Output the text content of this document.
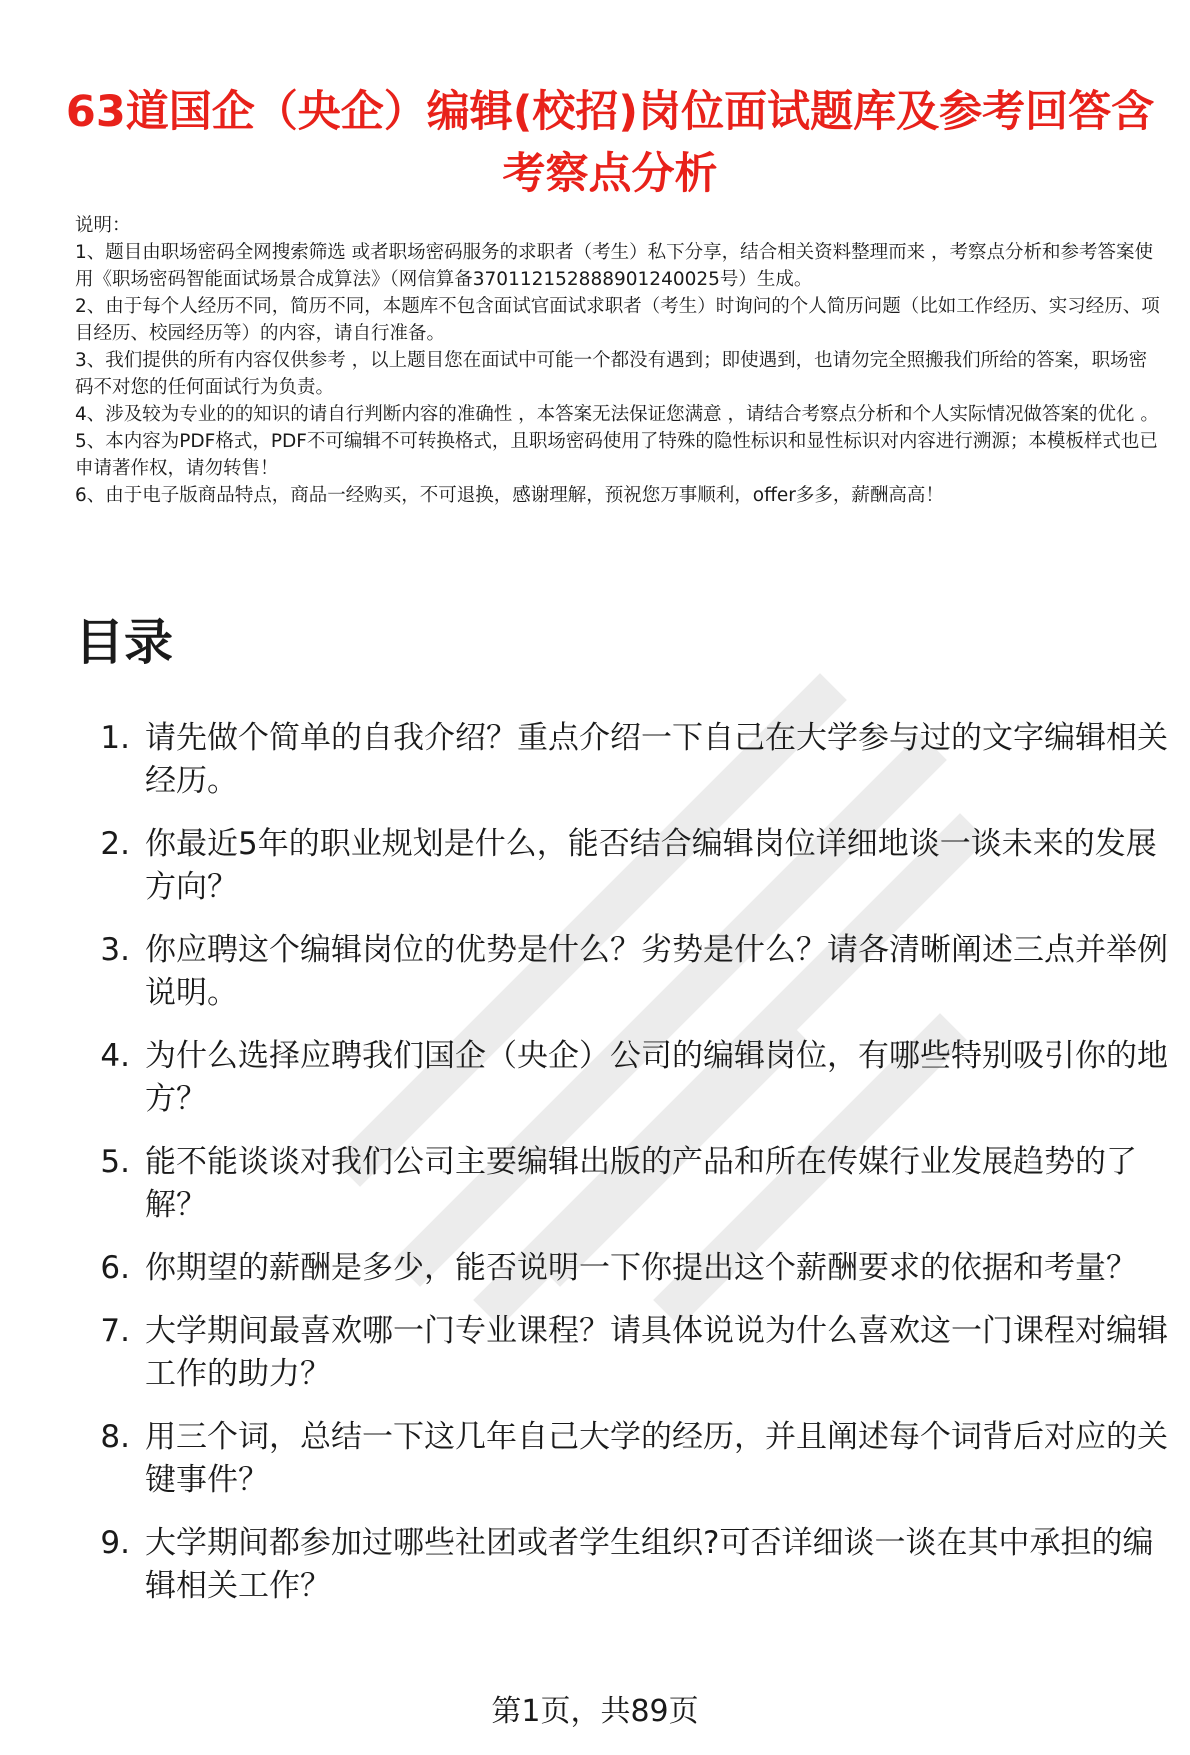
63道国企（央企）编辑(校招)岗位面试题库及参考回答含考察点分析

说明：

1、题目由职场密码全网搜索筛选 或者职场密码服务的求职者（考生）私下分享，结合相关资料整理而来 ，考察点分析和参考答案使用《职场密码智能面试场景合成算法》（网信算备370112152888901240025号）生成。

2、由于每个人经历不同，简历不同，本题库不包含面试官面试求职者（考生）时询问的个人简历问题（比如工作经历、实习经历、项目经历、校园经历等）的内容，请自行准备。

3、我们提供的所有内容仅供参考 ，以上题目您在面试中可能一个都没有遇到；即使遇到，也请勿完全照搬我们所给的答案，职场密码不对您的任何面试行为负责。

4、涉及较为专业的的知识的请自行判断内容的准确性 ，本答案无法保证您满意 ，请结合考察点分析和个人实际情况做答案的优化 。

5、本内容为PDF格式，PDF不可编辑不可转换格式，且职场密码使用了特殊的隐性标识和显性标识对内容进行溯源；本模板样式也已申请著作权，请勿转售！

6、由于电子版商品特点，商品一经购买，不可退换，感谢理解，预祝您万事顺利，offer多多，薪酬高高！

目录
1. 请先做个简单的自我介绍？重点介绍一下自己在大学参与过的文字编辑相关经历。
2. 你最近5年的职业规划是什么，能否结合编辑岗位详细地谈一谈未来的发展方向？
3. 你应聘这个编辑岗位的优势是什么？劣势是什么？请各清晰阐述三点并举例说明。
4. 为什么选择应聘我们国企（央企）公司的编辑岗位，有哪些特别吸引你的地方？
5. 能不能谈谈对我们公司主要编辑出版的产品和所在传媒行业发展趋势的了解？
6. 你期望的薪酬是多少，能否说明一下你提出这个薪酬要求的依据和考量？
7. 大学期间最喜欢哪一门专业课程？请具体说说为什么喜欢这一门课程对编辑工作的助力？
8. 用三个词，总结一下这几年自己大学的经历，并且阐述每个词背后对应的关键事件？
9. 大学期间都参加过哪些社团或者学生组织?可否详细谈一谈在其中承担的编辑相关工作？
第1页，共89页
